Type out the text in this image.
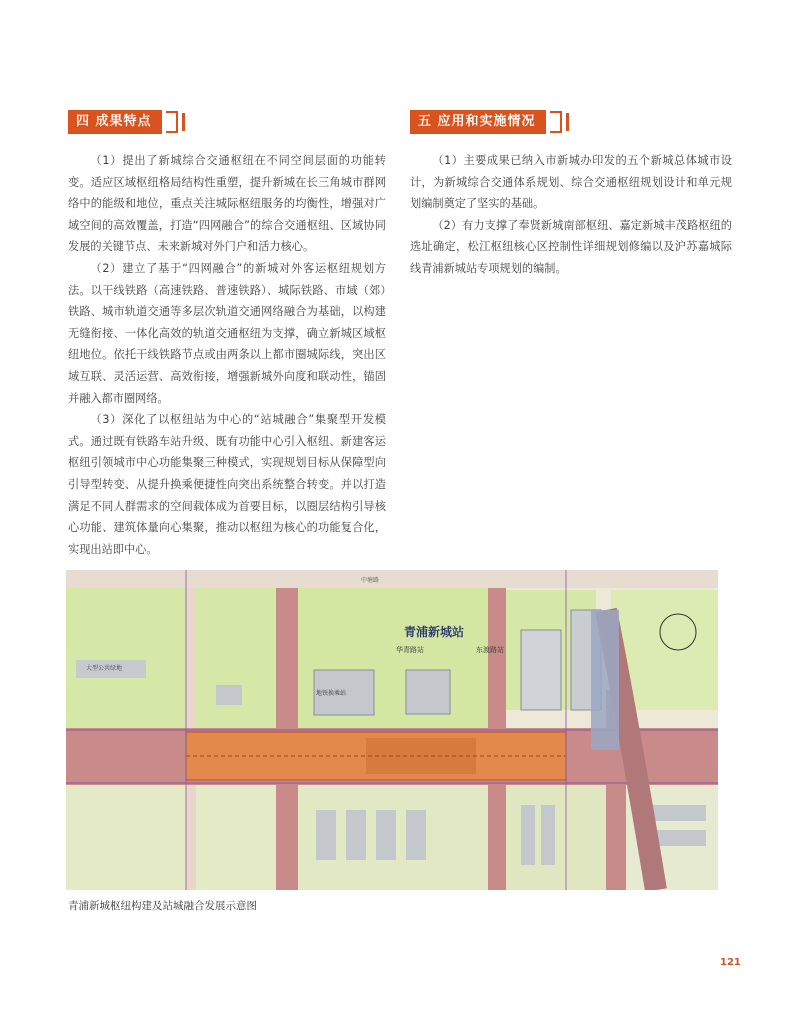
四 成果特点	五 应用和实施情况

（1）提出了新城综合交通枢纽在不同空间层面的功能转变。适应区域枢纽格局结构性重塑，提升新城在长三角城市群网络中的能级和地位，重点关注城际枢纽服务的均衡性，增强对广域空间的高效覆盖，打造“四网融合”的综合交通枢纽、区域协同发展的关键节点、未来新城对外门户和活力核心。

（2）建立了基于“四网融合”的新城对外客运枢纽规划方法。以干线铁路（高速铁路、普速铁路）、城际铁路、市域（郊）铁路、城市轨道交通等多层次轨道交通网络融合为基础，以构建无缝衔接、一体化高效的轨道交通枢纽为支撑，确立新城区域枢纽地位。依托干线铁路节点或由两条以上都市圈城际线，突出区域互联、灵活运营、高效衔接，增强新城外向度和联动性，锚固并融入都市圈网络。

（3）深化了以枢纽站为中心的“站城融合”集聚型开发模式。通过既有铁路车站升级、既有功能中心引入枢纽、新建客运枢纽引领城市中心功能集聚三种模式，实现规划目标从保障型向引导型转变、从提升换乘便捷性向突出系统整合转变。并以打造满足不同人群需求的空间载体成为首要目标，以圈层结构引导核心功能、建筑体量向心集聚，推动以枢纽为核心的功能复合化，实现出站即中心。

（1）主要成果已纳入市新城办印发的五个新城总体城市设计，为新城综合交通体系规划、综合交通枢纽规划设计和单元规划编制奠定了坚实的基础。

（2）有力支撑了奉贤新城南部枢纽、嘉定新城丰茂路枢纽的选址确定，松江枢纽核心区控制性详细规划修编以及沪苏嘉城际线青浦新城站专项规划的编制。

青浦新城站
华青路站	东渡路站
中塘路
大型公共绿地
地铁换乘站
青浦新城枢纽构建及站城融合发展示意图
121
